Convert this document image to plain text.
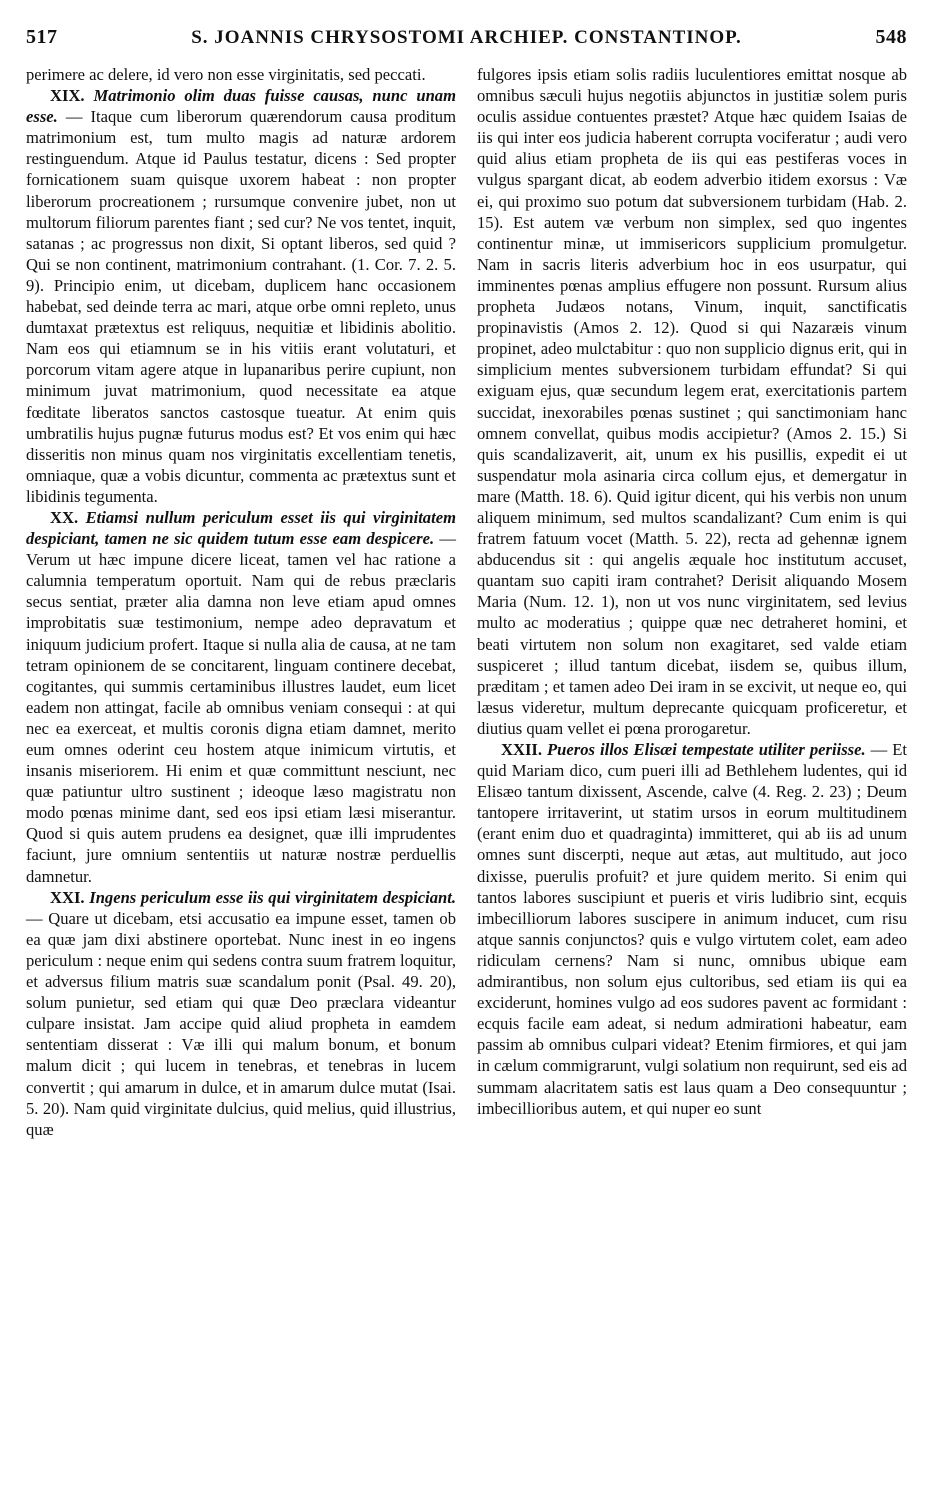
517	S. JOANNIS CHRYSOSTOMI ARCHIEP. CONSTANTINOP.	548

perimere ac delere, id vero non esse virginitatis, sed peccati.

XIX. Matrimonio olim duas fuisse causas, nunc unam esse. — Itaque cum liberorum quærendorum causa proditum matrimonium est, tum multo magis ad naturæ ardorem restinguendum. Atque id Paulus testatur, dicens : Sed propter fornicationem suam quisque uxorem habeat : non propter liberorum procreationem ; rursumque convenire jubet, non ut multorum filiorum parentes fiant ; sed cur? Ne vos tentet, inquit, satanas ; ac progressus non dixit, Si optant liberos, sed quid ? Qui se non continent, matrimonium contrahant. (1. Cor. 7. 2. 5. 9). Principio enim, ut dicebam, duplicem hanc occasionem habebat, sed deinde terra ac mari, atque orbe omni repleto, unus dumtaxat prætextus est reliquus, nequitiæ et libidinis abolitio. Nam eos qui etiamnum se in his vitiis erant volutaturi, et porcorum vitam agere atque in lupanaribus perire cupiunt, non minimum juvat matrimonium, quod necessitate ea atque fœditate liberatos sanctos castosque tueatur. At enim quis umbratilis hujus pugnæ futurus modus est? Et vos enim qui hæc disseritis non minus quam nos virginitatis excellentiam tenetis, omniaque, quæ a vobis dicuntur, commenta ac prætextus sunt et libidinis tegumenta.

XX. Etiamsi nullum periculum esset iis qui virginitatem despiciant, tamen ne sic quidem tutum esse eam despicere. — Verum ut hæc impune dicere liceat, tamen vel hac ratione a calumnia temperatum oportuit. Nam qui de rebus præclaris secus sentiat, præter alia damna non leve etiam apud omnes improbitatis suæ testimonium, nempe adeo depravatum et iniquum judicium profert. Itaque si nulla alia de causa, at ne tam tetram opinionem de se concitarent, linguam continere decebat, cogitantes, qui summis certaminibus illustres laudet, eum licet eadem non attingat, facile ab omnibus veniam consequi : at qui nec ea exerceat, et multis coronis digna etiam damnet, merito eum omnes oderint ceu hostem atque inimicum virtutis, et insanis miseriorem. Hi enim et quæ committunt nesciunt, nec quæ patiuntur ultro sustinent ; ideoque læso magistratu non modo pœnas minime dant, sed eos ipsi etiam læsi miserantur. Quod si quis autem prudens ea designet, quæ illi imprudentes faciunt, jure omnium sententiis ut naturæ nostræ perduellis damnetur.

XXI. Ingens periculum esse iis qui virginitatem despiciant. — Quare ut dicebam, etsi accusatio ea impune esset, tamen ob ea quæ jam dixi abstinere oportebat. Nunc inest in eo ingens periculum : neque enim qui sedens contra suum fratrem loquitur, et adversus filium matris suæ scandalum ponit (Psal. 49. 20), solum punietur, sed etiam qui quæ Deo præclara videantur culpare insistat. Jam accipe quid aliud propheta in eamdem sententiam disserat : Væ illi qui malum bonum, et bonum malum dicit ; qui lucem in tenebras, et tenebras in lucem convertit ; qui amarum in dulce, et in amarum dulce mutat (Isai. 5. 20). Nam quid virginitate dulcius, quid melius, quid illustrius, quæ

fulgores ipsis etiam solis radiis luculentiores emittat nosque ab omnibus sæculi hujus negotiis abjunctos in justitiæ solem puris oculis assidue contuentes præstet? Atque hæc quidem Isaias de iis qui inter eos judicia haberent corrupta vociferatur ; audi vero quid alius etiam propheta de iis qui eas pestiferas voces in vulgus spargant dicat, ab eodem adverbio itidem exorsus : Væ ei, qui proximo suo potum dat subversionem turbidam (Hab. 2. 15). Est autem væ verbum non simplex, sed quo ingentes continentur minæ, ut immisericors supplicium promulgetur. Nam in sacris literis adverbium hoc in eos usurpatur, qui imminentes pœnas amplius effugere non possunt. Rursum alius propheta Judæos notans, Vinum, inquit, sanctificatis propinavistis (Amos 2. 12). Quod si qui Nazaræis vinum propinet, adeo mulctabitur : quo non supplicio dignus erit, qui in simplicium mentes subversionem turbidam effundat? Si qui exiguam ejus, quæ secundum legem erat, exercitationis partem succidat, inexorabiles pœnas sustinet ; qui sanctimoniam hanc omnem convellat, quibus modis accipietur? (Amos 2. 15.) Si quis scandalizaverit, ait, unum ex his pusillis, expedit ei ut suspendatur mola asinaria circa collum ejus, et demergatur in mare (Matth. 18. 6). Quid igitur dicent, qui his verbis non unum aliquem minimum, sed multos scandalizant? Cum enim is qui fratrem fatuum vocet (Matth. 5. 22), recta ad gehennæ ignem abducendus sit : qui angelis æquale hoc institutum accuset, quantam suo capiti iram contrahet? Derisit aliquando Mosem Maria (Num. 12. 1), non ut vos nunc virginitatem, sed levius multo ac moderatius ; quippe quæ nec detraheret homini, et beati virtutem non solum non exagitaret, sed valde etiam suspiceret ; illud tantum dicebat, iisdem se, quibus illum, præditam ; et tamen adeo Dei iram in se excivit, ut neque eo, qui læsus videretur, multum deprecante quicquam proficeretur, et diutius quam vellet ei pœna prorogaretur.

XXII. Pueros illos Elisæi tempestate utiliter periisse. — Et quid Mariam dico, cum pueri illi ad Bethlehem ludentes, qui id Elisæo tantum dixissent, Ascende, calve (4. Reg. 2. 23) ; Deum tantopere irritaverint, ut statim ursos in eorum multitudinem (erant enim duo et quadraginta) immitteret, qui ab iis ad unum omnes sunt discerpti, neque aut ætas, aut multitudo, aut joco dixisse, puerulis profuit? et jure quidem merito. Si enim qui tantos labores suscipiunt et pueris et viris ludibrio sint, ecquis imbecilliorum labores suscipere in animum inducet, cum risu atque sannis conjunctos? quis e vulgo virtutem colet, eam adeo ridiculam cernens? Nam si nunc, omnibus ubique eam admirantibus, non solum ejus cultoribus, sed etiam iis qui ea exciderunt, homines vulgo ad eos sudores pavent ac formidant : ecquis facile eam adeat, si nedum admirationi habeatur, eam passim ab omnibus culpari videat? Etenim firmiores, et qui jam in cælum commigrarunt, vulgi solatium non requirunt, sed eis ad summam alacritatem satis est laus quam a Deo consequuntur ; imbecillioribus autem, et qui nuper eo sunt
